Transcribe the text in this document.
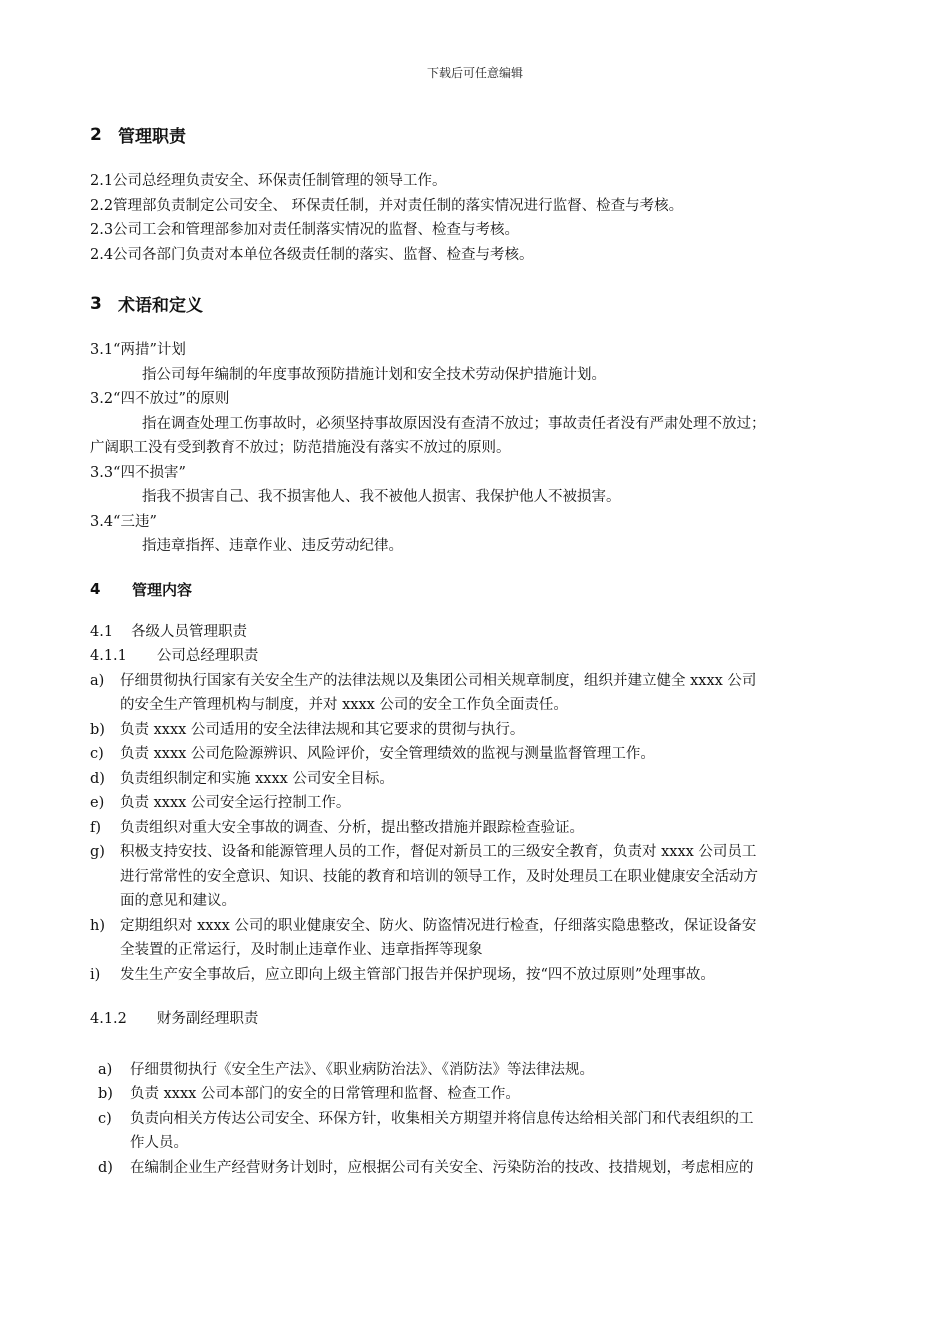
下载后可任意编辑
2 管理职责
2.1公司总经理负责安全、环保责任制管理的领导工作。
2.2管理部负责制定公司安全、 环保责任制，并对责任制的落实情况进行监督、检查与考核。
2.3公司工会和管理部参加对责任制落实情况的监督、检查与考核。
2.4公司各部门负责对本单位各级责任制的落实、监督、检查与考核。
3 术语和定义
3.1“两措”计划
指公司每年编制的年度事故预防措施计划和安全技术劳动保护措施计划。
3.2“四不放过”的原则
指在调查处理工伤事故时，必须坚持事故原因没有查清不放过；事故责任者没有严肃处理不放过；
广阔职工没有受到教育不放过；防范措施没有落实不放过的原则。
3.3“四不损害”
指我不损害自己、我不损害他人、我不被他人损害、我保护他人不被损害。
3.4“三违”
指违章指挥、违章作业、违反劳动纪律。
4	管理内容
4.1 各级人员管理职责
4.1.1 公司总经理职责
a)	仔细贯彻执行国家有关安全生产的法律法规以及集团公司相关规章制度，组织并建立健全 xxxx 公司
的安全生产管理机构与制度，并对 xxxx 公司的安全工作负全面责任。
b)	负责 xxxx 公司适用的安全法律法规和其它要求的贯彻与执行。
c)	负责 xxxx 公司危险源辨识、风险评价，安全管理绩效的监视与测量监督管理工作。
d)	负责组织制定和实施 xxxx 公司安全目标。
e)	负责 xxxx 公司安全运行控制工作。
f)	负责组织对重大安全事故的调查、分析，提出整改措施并跟踪检查验证。
g)	积极支持安技、设备和能源管理人员的工作，督促对新员工的三级安全教育，负责对 xxxx 公司员工
进行常常性的安全意识、知识、技能的教育和培训的领导工作，及时处理员工在职业健康安全活动方
面的意见和建议。
h)	定期组织对 xxxx 公司的职业健康安全、防火、防盗情况进行检查，仔细落实隐患整改，保证设备安
全装置的正常运行，及时制止违章作业、违章指挥等现象
i)	发生生产安全事故后，应立即向上级主管部门报告并保护现场，按“四不放过原则”处理事故。
4.1.2 财务副经理职责
a)	仔细贯彻执行《安全生产法》、《职业病防治法》、《消防法》等法律法规。
b)	负责 xxxx 公司本部门的安全的日常管理和监督、检查工作。
c)	负责向相关方传达公司安全、环保方针，收集相关方期望并将信息传达给相关部门和代表组织的工
作人员。
d)	在编制企业生产经营财务计划时，应根据公司有关安全、污染防治的技改、技措规划，考虑相应的
